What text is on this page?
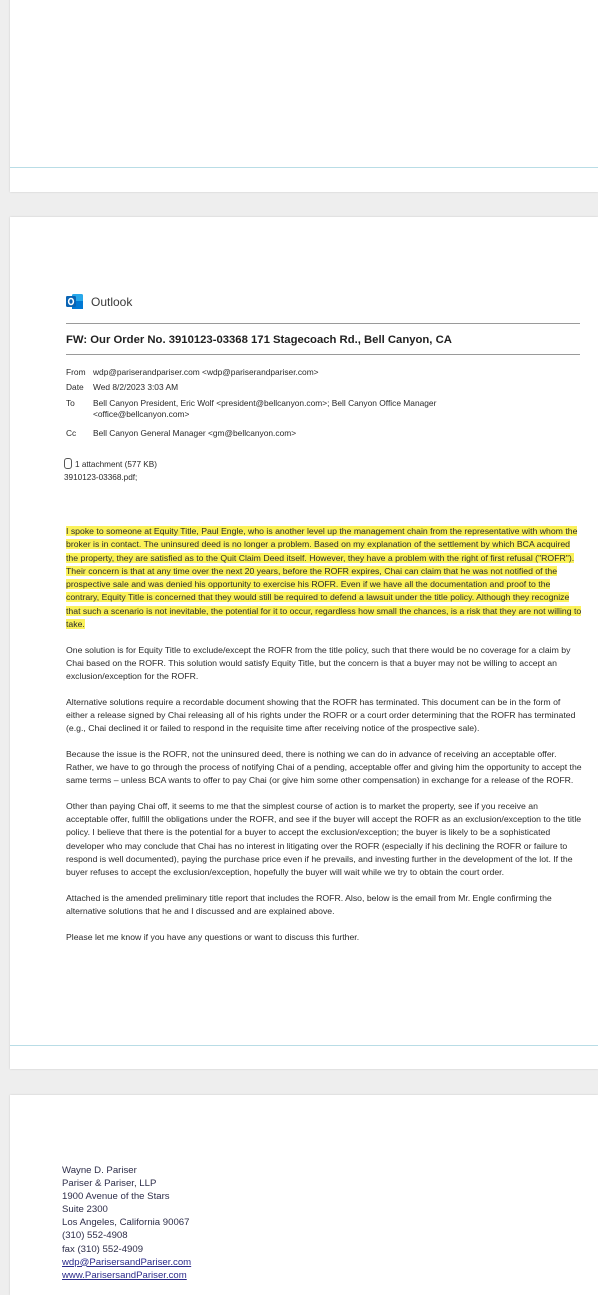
Outlook
FW: Our Order No. 3910123-03368 171 Stagecoach Rd., Bell Canyon, CA
From wdp@pariserandpariser.com <wdp@pariserandpariser.com>
Date Wed 8/2/2023 3:03 AM
To Bell Canyon President, Eric Wolf <president@bellcanyon.com>; Bell Canyon Office Manager <office@bellcanyon.com>
Cc Bell Canyon General Manager <gm@bellcanyon.com>
1 attachment (577 KB)
3910123-03368.pdf;

I spoke to someone at Equity Title, Paul Engle, who is another level up the management chain from the representative with whom the broker is in contact. The uninsured deed is no longer a problem. Based on my explanation of the settlement by which BCA acquired the property, they are satisfied as to the Quit Claim Deed itself. However, they have a problem with the right of first refusal ("ROFR"). Their concern is that at any time over the next 20 years, before the ROFR expires, Chai can claim that he was not notified of the prospective sale and was denied his opportunity to exercise his ROFR. Even if we have all the documentation and proof to the contrary, Equity Title is concerned that they would still be required to defend a lawsuit under the title policy. Although they recognize that such a scenario is not inevitable, the potential for it to occur, regardless how small the chances, is a risk that they are not willing to take.

One solution is for Equity Title to exclude/except the ROFR from the title policy, such that there would be no coverage for a claim by Chai based on the ROFR. This solution would satisfy Equity Title, but the concern is that a buyer may not be willing to accept an exclusion/exception for the ROFR.

Alternative solutions require a recordable document showing that the ROFR has terminated. This document can be in the form of either a release signed by Chai releasing all of his rights under the ROFR or a court order determining that the ROFR has terminated (e.g., Chai declined it or failed to respond in the requisite time after receiving notice of the prospective sale).

Because the issue is the ROFR, not the uninsured deed, there is nothing we can do in advance of receiving an acceptable offer. Rather, we have to go through the process of notifying Chai of a pending, acceptable offer and giving him the opportunity to accept the same terms – unless BCA wants to offer to pay Chai (or give him some other compensation) in exchange for a release of the ROFR.

Other than paying Chai off, it seems to me that the simplest course of action is to market the property, see if you receive an acceptable offer, fulfill the obligations under the ROFR, and see if the buyer will accept the ROFR as an exclusion/exception to the title policy. I believe that there is the potential for a buyer to accept the exclusion/exception; the buyer is likely to be a sophisticated developer who may conclude that Chai has no interest in litigating over the ROFR (especially if his declining the ROFR or failure to respond is well documented), paying the purchase price even if he prevails, and investing further in the development of the lot. If the buyer refuses to accept the exclusion/exception, hopefully the buyer will wait while we try to obtain the court order.

Attached is the amended preliminary title report that includes the ROFR. Also, below is the email from Mr. Engle confirming the alternative solutions that he and I discussed and are explained above.

Please let me know if you have any questions or want to discuss this further.

Wayne D. Pariser
Pariser & Pariser, LLP
1900 Avenue of the Stars
Suite 2300
Los Angeles, California 90067
(310) 552-4908
fax (310) 552-4909
wdp@ParisersandPariser.com
www.ParisersandPariser.com
